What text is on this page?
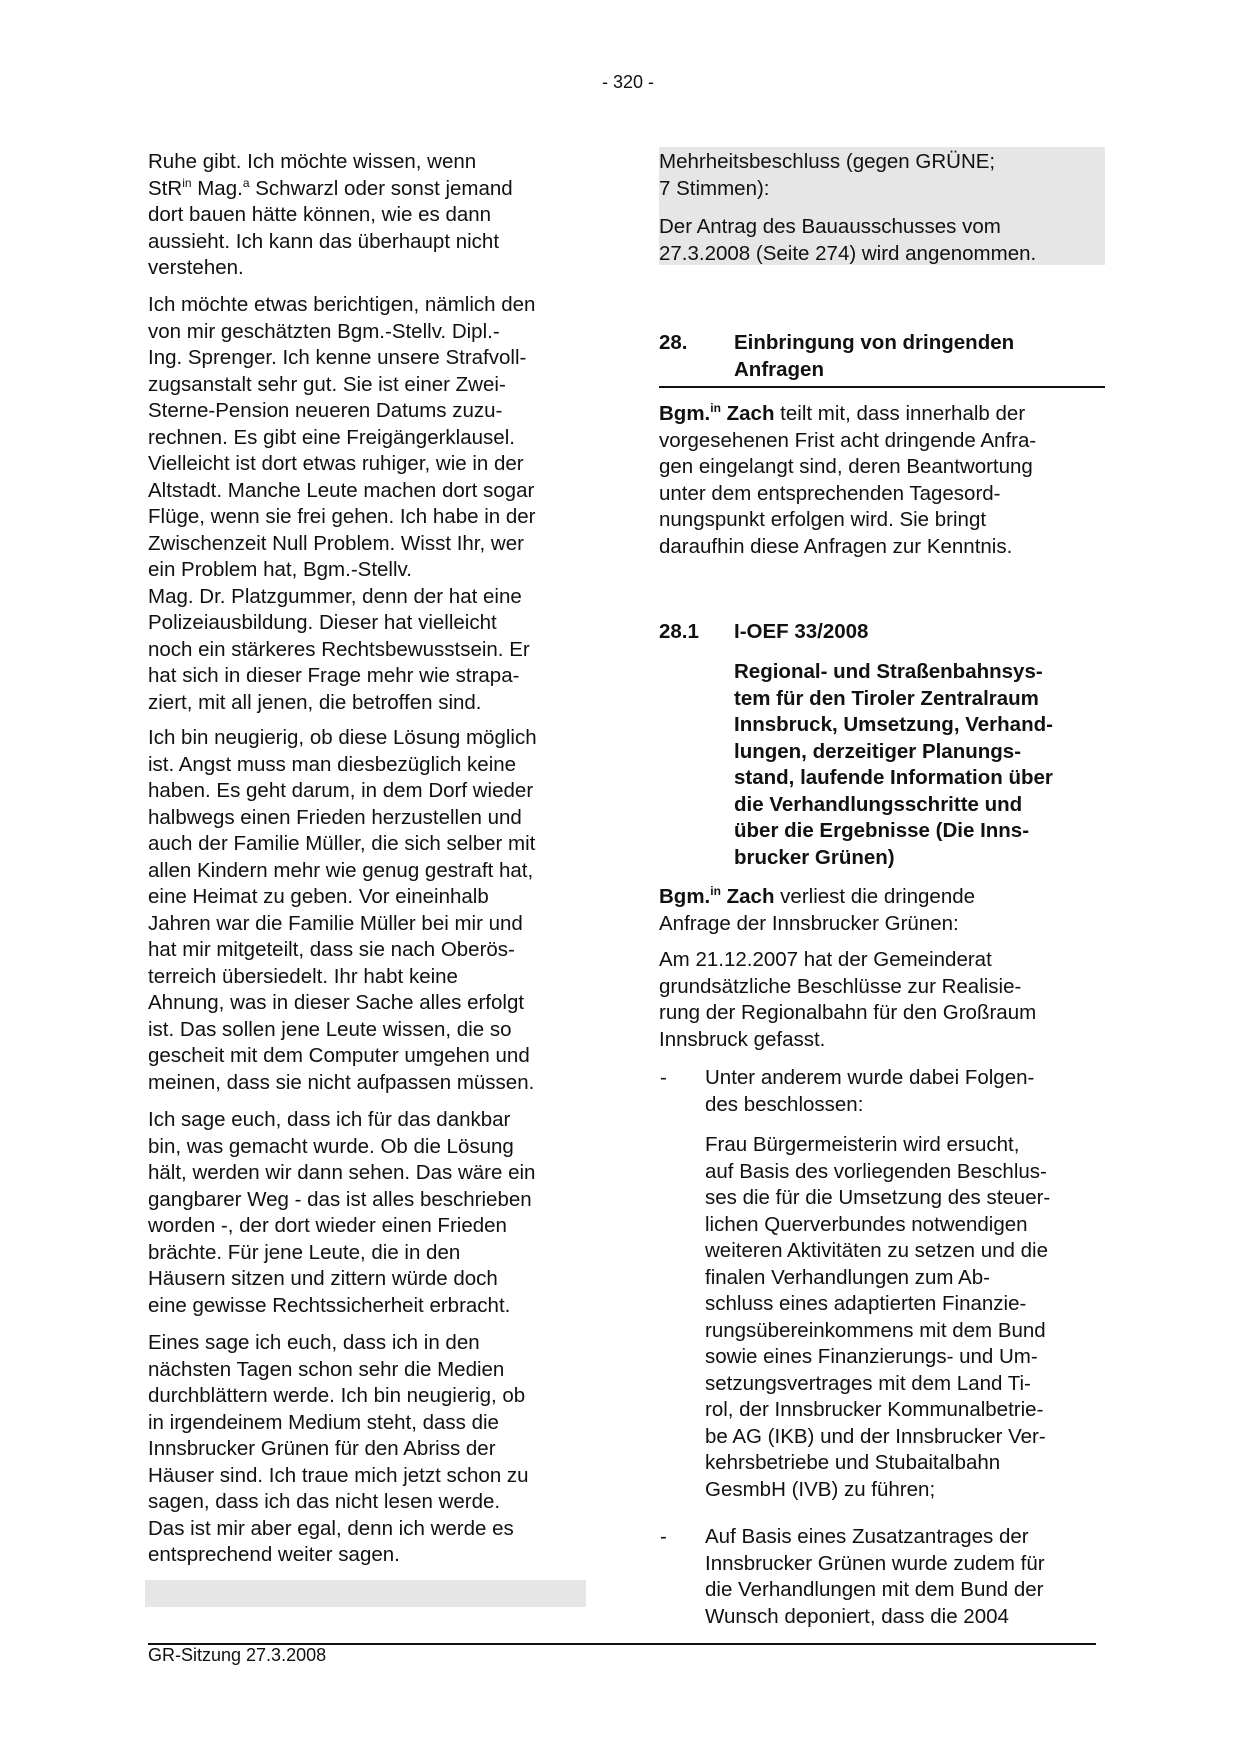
- 320 -
28.
28.1 I-OEF 33/2008
-
-
GR-Sitzung 27.3.2008
Ruhe gibt. Ich möchte wissen, wenn
StR$^{in}$ Mag.$^a$ Schwarzl oder sonst jemand
dort bauen hätte können, wie es dann
aussieht. Ich kann das überhaupt nicht
verstehen.
Ich möchte etwas berichtigen, nämlich den
von mir geschätzten Bgm.-Stellv. Dipl.-
Ing. Sprenger. Ich kenne unsere Strafvoll-
zugsanstalt sehr gut. Sie ist einer Zwei-
Sterne-Pension neueren Datums zuzu-
rechnen. Es gibt eine Freigängerklausel.
Vielleicht ist dort etwas ruhiger, wie in der
Altstadt. Manche Leute machen dort sogar
Flüge, wenn sie frei gehen. Ich habe in der
Zwischenzeit Null Problem. Wisst Ihr, wer
ein Problem hat, Bgm.-Stellv.
Mag. Dr. Platzgummer, denn der hat eine
Polizeiausbildung. Dieser hat vielleicht
noch ein stärkeres Rechtsbewusstsein. Er
hat sich in dieser Frage mehr wie strapa-
ziert, mit all jenen, die betroffen sind.
Ich bin neugierig, ob diese Lösung möglich
ist. Angst muss man diesbezüglich keine
haben. Es geht darum, in dem Dorf wieder
halbwegs einen Frieden herzustellen und
auch der Familie Müller, die sich selber mit
allen Kindern mehr wie genug gestraft hat,
eine Heimat zu geben. Vor eineinhalb
Jahren war die Familie Müller bei mir und
hat mir mitgeteilt, dass sie nach Oberös-
terreich übersiedelt. Ihr habt keine
Ahnung, was in dieser Sache alles erfolgt
ist. Das sollen jene Leute wissen, die so
gescheit mit dem Computer umgehen und
meinen, dass sie nicht aufpassen müssen.
Ich sage euch, dass ich für das dankbar
bin, was gemacht wurde. Ob die Lösung
hält, werden wir dann sehen. Das wäre ein
gangbarer Weg - das ist alles beschrieben
worden -, der dort wieder einen Frieden
brächte. Für jene Leute, die in den
Häusern sitzen und zittern würde doch
eine gewisse Rechtssicherheit erbracht.
Eines sage ich euch, dass ich in den
nächsten Tagen schon sehr die Medien
durchblättern werde. Ich bin neugierig, ob
in irgendeinem Medium steht, dass die
Innsbrucker Grünen für den Abriss der
Häuser sind. Ich traue mich jetzt schon zu
sagen, dass ich das nicht lesen werde.
Das ist mir aber egal, denn ich werde es
entsprechend weiter sagen.
Mehrheitsbeschluss (gegen GRÜNE;
7 Stimmen):
Der Antrag des Bauausschusses vom
27.3.2008 (Seite 274) wird angenommen.
Einbringung von dringenden
Anfragen
Bgm.$^{in}$ Zach teilt mit, dass innerhalb der
vorgesehenen Frist acht dringende Anfra-
gen eingelangt sind, deren Beantwortung
unter dem entsprechenden Tagesord-
nungspunkt erfolgen wird. Sie bringt
daraufhin diese Anfragen zur Kenntnis.
Regional- und Straßenbahnsys-
tem für den Tiroler Zentralraum
Innsbruck, Umsetzung, Verhand-
lungen, derzeitiger Planungs-
stand, laufende Information über
die Verhandlungsschritte und
über die Ergebnisse (Die Inns-
brucker Grünen)
Bgm.$^{in}$ Zach verliest die dringende
Anfrage der Innsbrucker Grünen:
Am 21.12.2007 hat der Gemeinderat
grundsätzliche Beschlüsse zur Realisie-
rung der Regionalbahn für den Großraum
Innsbruck gefasst.
Unter anderem wurde dabei Folgen-
des beschlossen:
Frau Bürgermeisterin wird ersucht,
auf Basis des vorliegenden Beschlus-
ses die für die Umsetzung des steuer-
lichen Querverbundes notwendigen
weiteren Aktivitäten zu setzen und die
finalen Verhandlungen zum Ab-
schluss eines adaptierten Finanzie-
rungsübereinkommens mit dem Bund
sowie eines Finanzierungs- und Um-
setzungsvertrages mit dem Land Ti-
rol, der Innsbrucker Kommunalbetrie-
be AG (IKB) und der Innsbrucker Ver-
kehrsbetriebe und Stubaitalbahn
GesmbH (IVB) zu führen;
Auf Basis eines Zusatzantrages der
Innsbrucker Grünen wurde zudem für
die Verhandlungen mit dem Bund der
Wunsch deponiert, dass die 2004
